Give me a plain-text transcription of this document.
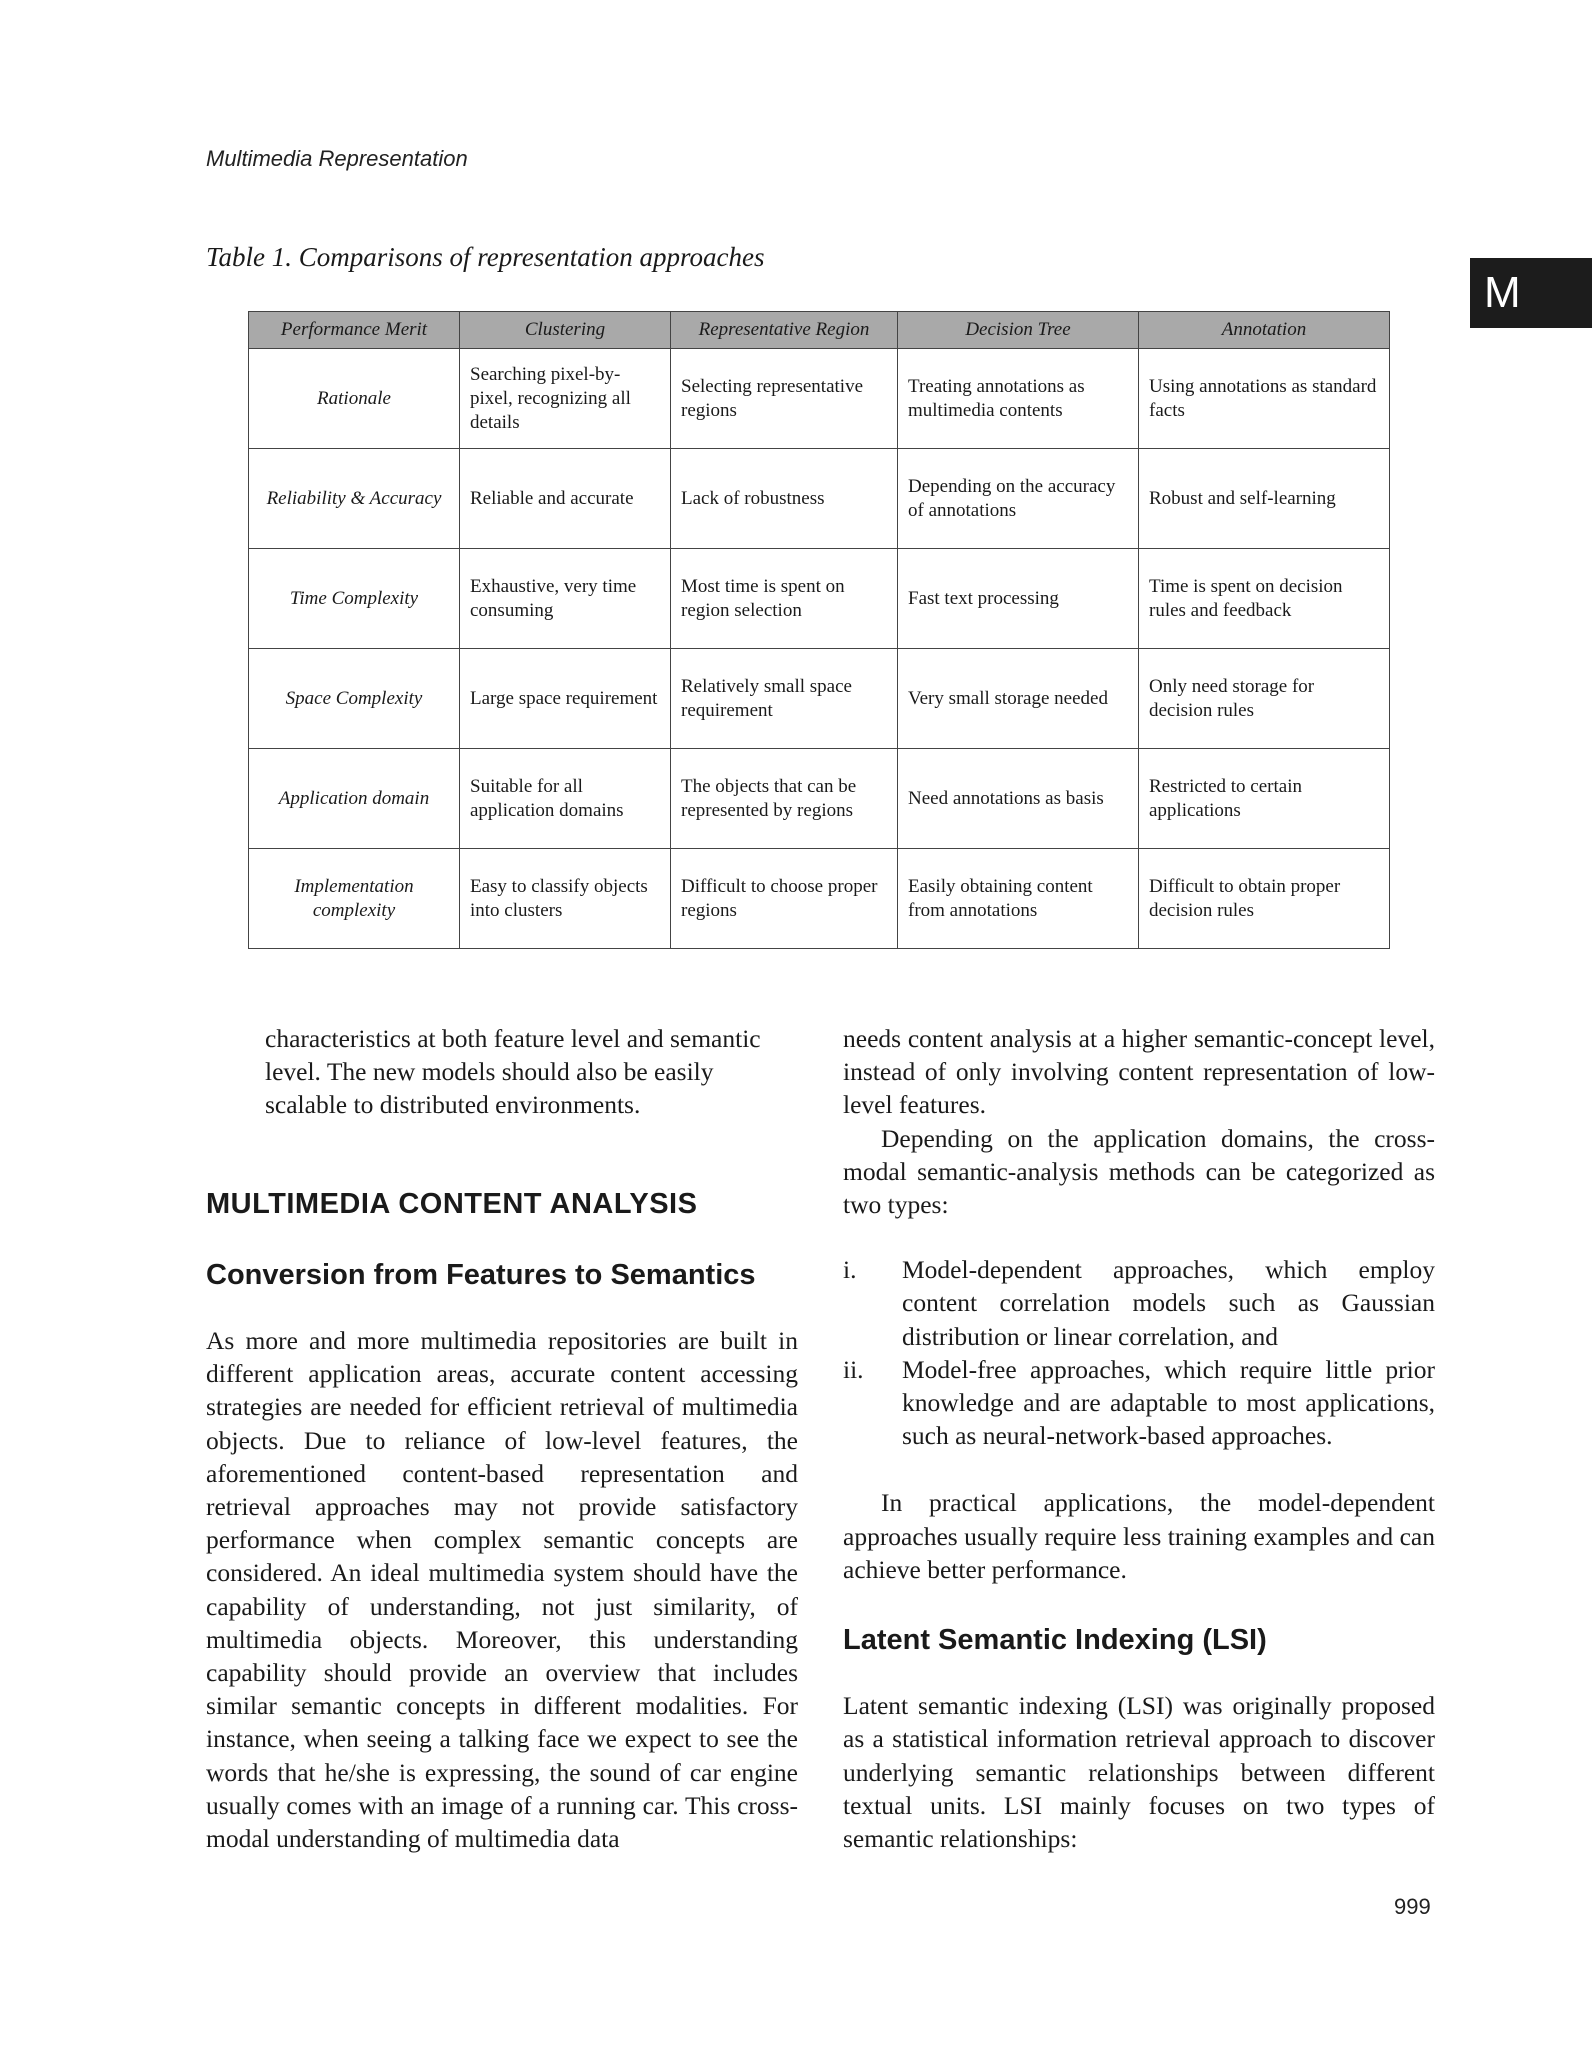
Multimedia Representation
M
Table 1. Comparisons of representation approaches
Performance Merit	Clustering	Representative Region	Decision Tree	Annotation
Rationale	Searching pixel-by-pixel, recognizing all details	Selecting representative regions	Treating annotations as multimedia contents	Using annotations as standard facts
Reliability & Accuracy	Reliable and accurate	Lack of robustness	Depending on the accuracy of annotations	Robust and self-learning
Time Complexity	Exhaustive, very time consuming	Most time is spent on region selection	Fast text processing	Time is spent on decision rules and feedback
Space Complexity	Large space requirement	Relatively small space requirement	Very small storage needed	Only need storage for decision rules
Application domain	Suitable for all application domains	The objects that can be represented by regions	Need annotations as basis	Restricted to certain applications
Implementation complexity	Easy to classify objects into clusters	Difficult to choose proper regions	Easily obtaining content from annotations	Difficult to obtain proper decision rules

characteristics at both feature level and semantic level. The new models should also be easily scalable to distributed environments.

MULTIMEDIA CONTENT ANALYSIS
Conversion from Features to Semantics

As more and more multimedia repositories are built in different application areas, accurate content accessing strategies are needed for efficient retrieval of multimedia objects. Due to reliance of low-level features, the aforementioned content-based representation and retrieval approaches may not provide satisfactory performance when complex semantic concepts are considered. An ideal multimedia system should have the capability of understanding, not just similarity, of multimedia objects. Moreover, this understanding capability should provide an overview that includes similar semantic concepts in different modalities. For instance, when seeing a talking face we expect to see the words that he/she is expressing, the sound of car engine usually comes with an image of a running car. This cross-modal understanding of multimedia data

needs content analysis at a higher semantic-concept level, instead of only involving content representation of low-level features.

Depending on the application domains, the cross-modal semantic-analysis methods can be categorized as two types:

i. Model-dependent approaches, which employ content correlation models such as Gaussian distribution or linear correlation, and
ii. Model-free approaches, which require little prior knowledge and are adaptable to most applications, such as neural-network-based approaches.

In practical applications, the model-dependent approaches usually require less training examples and can achieve better performance.

Latent Semantic Indexing (LSI)

Latent semantic indexing (LSI) was originally proposed as a statistical information retrieval approach to discover underlying semantic relationships between different textual units. LSI mainly focuses on two types of semantic relationships:

999
